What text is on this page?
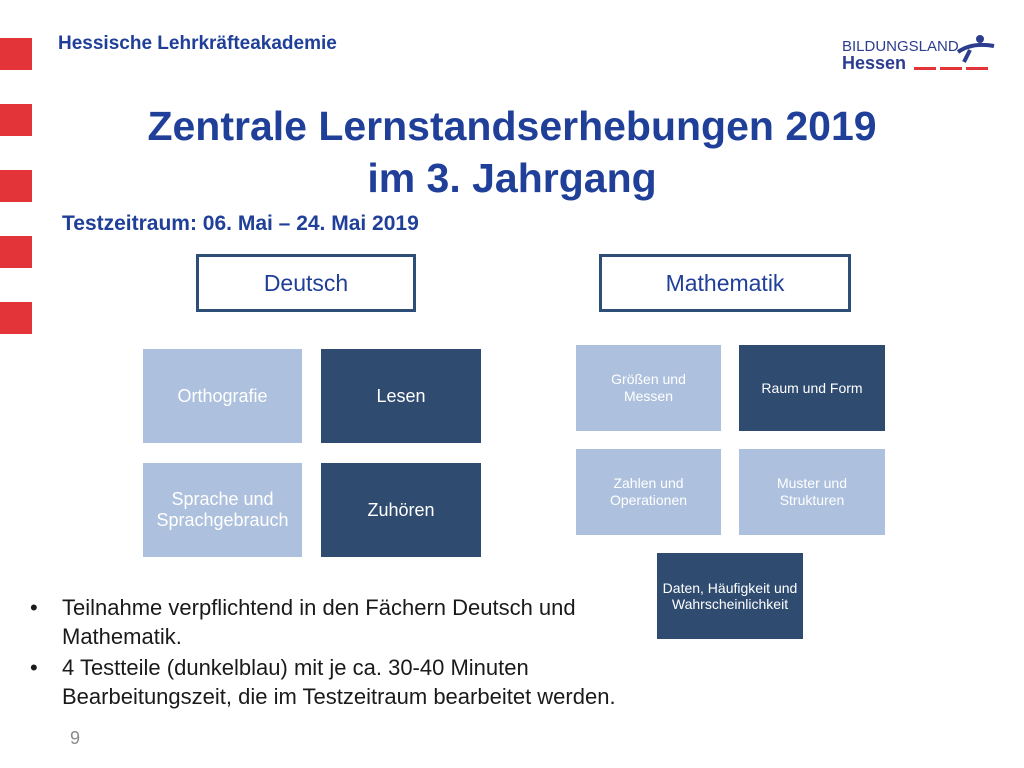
Hessische Lehrkräfteakademie	BILDUNGSLAND
Hessen
Zentrale Lernstandserhebungen 2019
im 3. Jahrgang
Testzeitraum: 06. Mai – 24. Mai 2019
Deutsch	Mathematik
Orthografie	Lesen
Sprache und Sprachgebrauch
Zuhören
Größen und Messen	Raum und Form
Zahlen und Operationen
Muster und Strukturen
Daten, Häufigkeit und Wahrscheinlichkeit
• Teilnahme verpflichtend in den Fächern Deutsch und Mathematik.
• 4 Testteile (dunkelblau) mit je ca. 30-40 Minuten Bearbeitungszeit, die im Testzeitraum bearbeitet werden.
9
